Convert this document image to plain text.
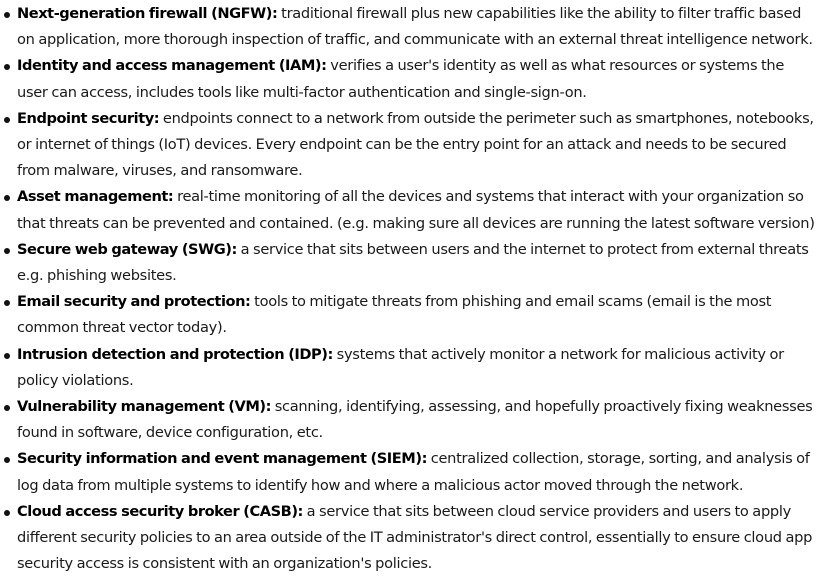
Next-generation firewall (NGFW): traditional firewall plus new capabilities like the ability to filter traffic based on application, more thorough inspection of traffic, and communicate with an external threat intelligence network.
Identity and access management (IAM): verifies a user's identity as well as what resources or systems the user can access, includes tools like multi-factor authentication and single-sign-on.
Endpoint security: endpoints connect to a network from outside the perimeter such as smartphones, notebooks, or internet of things (IoT) devices. Every endpoint can be the entry point for an attack and needs to be secured from malware, viruses, and ransomware.
Asset management: real-time monitoring of all the devices and systems that interact with your organization so that threats can be prevented and contained. (e.g. making sure all devices are running the latest software version)
Secure web gateway (SWG): a service that sits between users and the internet to protect from external threats e.g. phishing websites.
Email security and protection: tools to mitigate threats from phishing and email scams (email is the most common threat vector today).
Intrusion detection and protection (IDP): systems that actively monitor a network for malicious activity or policy violations.
Vulnerability management (VM): scanning, identifying, assessing, and hopefully proactively fixing weaknesses found in software, device configuration, etc.
Security information and event management (SIEM): centralized collection, storage, sorting, and analysis of log data from multiple systems to identify how and where a malicious actor moved through the network.
Cloud access security broker (CASB): a service that sits between cloud service providers and users to apply different security policies to an area outside of the IT administrator's direct control, essentially to ensure cloud app security access is consistent with an organization's policies.
